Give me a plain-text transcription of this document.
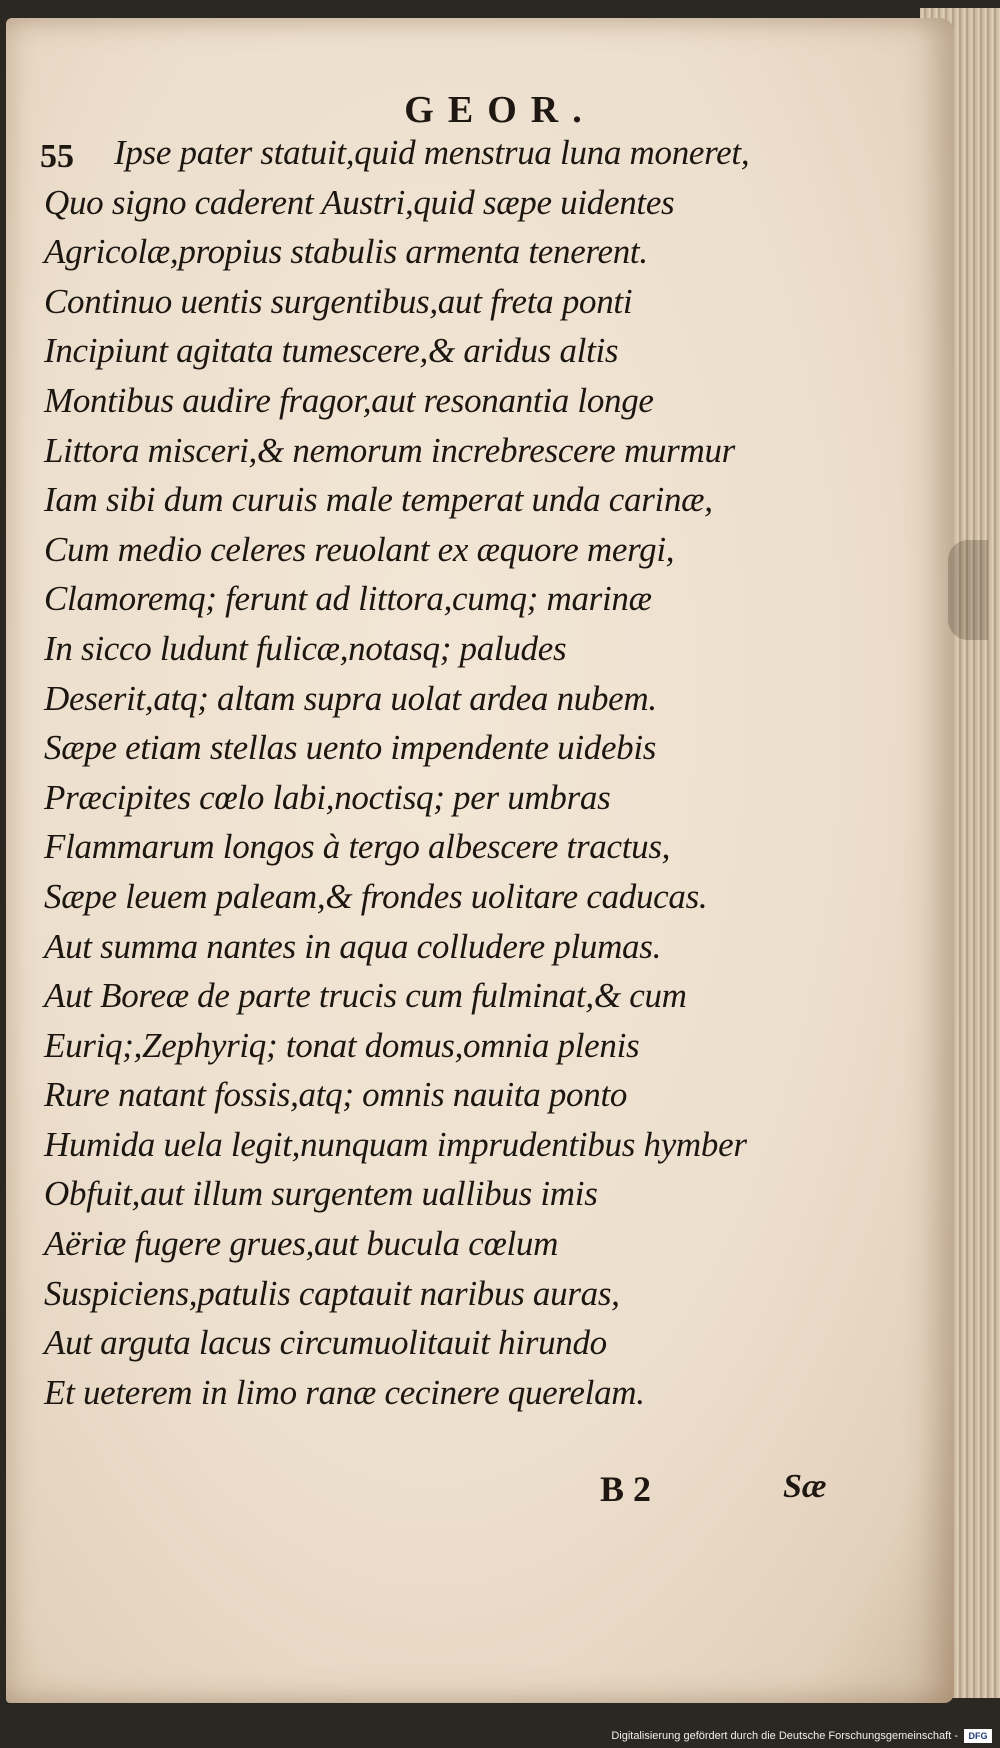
GEOR.
55	Ipse pater statuit,quid menstrua luna moneret,
Quo signo caderent Austri,quid sæpe uidentes
Agricolæ,propius stabulis armenta tenerent.
Continuo uentis surgentibus,aut freta ponti
Incipiunt agitata tumescere,& aridus altis
Montibus audire fragor,aut resonantia longe
Littora misceri,& nemorum increbrescere murmur
Iam sibi dum curuis male temperat unda carinæ,
Cum medio celeres reuolant ex æquore mergi,
Clamoremq; ferunt ad littora,cumq; marinæ
In sicco ludunt fulicæ,notasq; paludes
Deserit,atq; altam supra uolat ardea nubem.
Sæpe etiam stellas uento impendente uidebis
Præcipites cœlo labi,noctisq; per umbras
Flammarum longos à tergo albescere tractus,
Sæpe leuem paleam,& frondes uolitare caducas.
Aut summa nantes in aqua colludere plumas.
Aut Boreæ de parte trucis cum fulminat,& cum
Euriq;,Zephyriq; tonat domus,omnia plenis
Rure natant fossis,atq; omnis nauita ponto
Humida uela legit,nunquam imprudentibus hymber
Obfuit,aut illum surgentem uallibus imis
Aëriæ fugere grues,aut bucula cœlum
Suspiciens,patulis captauit naribus auras,
Aut arguta lacus circumuolitauit hirundo
Et ueterem in limo ranæ cecinere querelam.
B 2	Sæ
Digitalisierung gefördert durch die Deutsche Forschungsgemeinschaft -	DFG
